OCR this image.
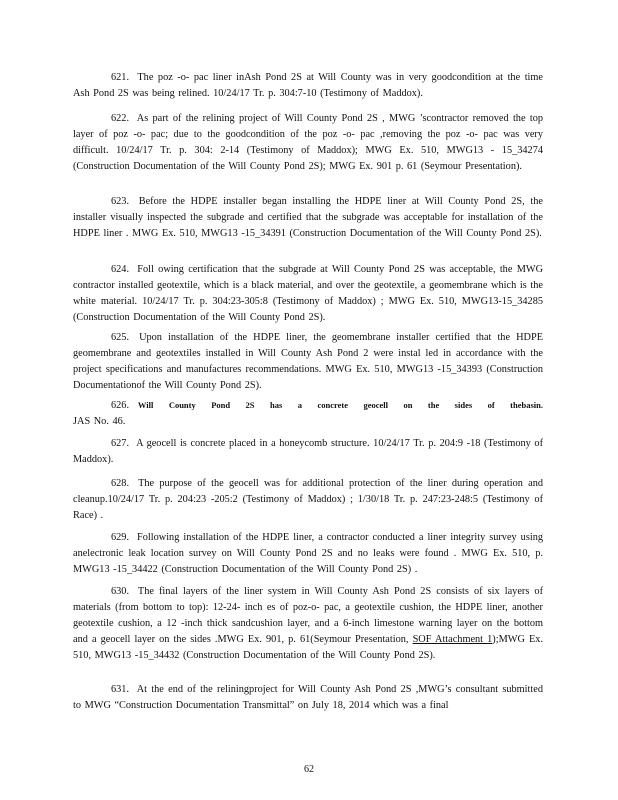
621. The poz -o- pac liner inAsh Pond 2S at Will County was in very goodcondition at the time Ash Pond 2S was being relined. 10/24/17 Tr. p. 304:7-10 (Testimony of Maddox).
622. As part of the relining project of Will County Pond 2S , MWG ’scontractor removed the top layer of poz -o- pac; due to the goodcondition of the poz -o- pac ,removing the poz -o- pac was very difficult. 10/24/17 Tr. p. 304: 2-14 (Testimony of Maddox); MWG Ex. 510, MWG13 - 15_34274 (Construction Documentation of the Will County Pond 2S); MWG Ex. 901 p. 61 (Seymour Presentation).
623. Before the HDPE installer began installing the HDPE liner at Will County Pond 2S, the installer visually inspected the subgrade and certified that the subgrade was acceptable for installation of the HDPE liner . MWG Ex. 510, MWG13 -15_34391 (Construction Documentation of the Will County Pond 2S).
624. Foll owing certification that the subgrade at Will County Pond 2S was acceptable, the MWG contractor installed geotextile, which is a black material, and over the geotextile, a geomembrane which is the white material. 10/24/17 Tr. p. 304:23-305:8 (Testimony of Maddox) ; MWG Ex. 510, MWG13-15_34285 (Construction Documentation of the Will County Pond 2S).
625. Upon installation of the HDPE liner, the geomembrane installer certified that the HDPE geomembrane and geotextiles installed in Will County Ash Pond 2 were instal led in accordance with the project specifications and manufactures recommendations. MWG Ex. 510, MWG13 -15_34393 (Construction Documentationof the Will County Pond 2S).
626. Will County Pond 2S has a concrete geocell on the sides of thebasin. JAS No. 46.
627. A geocell is concrete placed in a honeycomb structure. 10/24/17 Tr. p. 204:9 -18 (Testimony of Maddox).
628. The purpose of the geocell was for additional protection of the liner during operation and cleanup.10/24/17 Tr. p. 204:23 -205:2 (Testimony of Maddox) ; 1/30/18 Tr. p. 247:23-248:5 (Testimony of Race) .
629. Following installation of the HDPE liner, a contractor conducted a liner integrity survey using anelectronic leak location survey on Will County Pond 2S and no leaks were found . MWG Ex. 510, p. MWG13 -15_34422 (Construction Documentation of the Will County Pond 2S) .
630. The final layers of the liner system in Will County Ash Pond 2S consists of six layers of materials (from bottom to top): 12-24- inch es of poz-o- pac, a geotextile cushion, the HDPE liner, another geotextile cushion, a 12 -inch thick sandcushion layer, and a 6-inch limestone warning layer on the bottom and a geocell layer on the sides .MWG Ex. 901, p. 61(Seymour Presentation, SOF Attachment 1);MWG Ex. 510, MWG13 -15_34432 (Construction Documentation of the Will County Pond 2S).
631. At the end of the reliningproject for Will County Ash Pond 2S ,MWG’s consultant submitted to MWG “Construction Documentation Transmittal” on July 18, 2014 which was a final
62
